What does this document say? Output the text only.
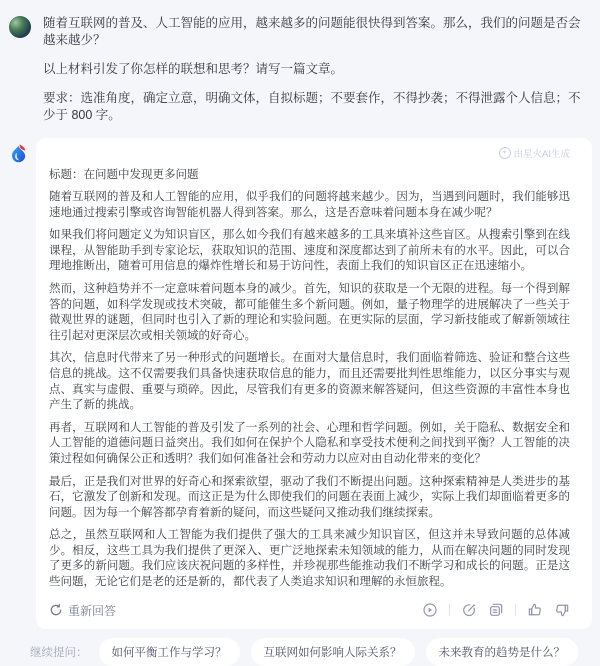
随着互联网的普及、人工智能的应用，越来越多的问题能很快得到答案。那么，我们的问题是否会越来越少？

以上材料引发了你怎样的联想和思考？请写一篇文章。

要求：选准角度，确定立意，明确文体，自拟标题；不要套作，不得抄袭；不得泄露个人信息；不少于 800 字。

✦ 由星火AI生成
标题：在问题中发现更多问题

随着互联网的普及和人工智能的应用，似乎我们的问题将越来越少。因为，当遇到问题时，我们能够迅速地通过搜索引擎或咨询智能机器人得到答案。那么，这是否意味着问题本身在减少呢？

如果我们将问题定义为知识盲区，那么如今我们有越来越多的工具来填补这些盲区。从搜索引擎到在线课程，从智能助手到专家论坛，获取知识的范围、速度和深度都达到了前所未有的水平。因此，可以合理地推断出，随着可用信息的爆炸性增长和易于访问性，表面上我们的知识盲区正在迅速缩小。

然而，这种趋势并不一定意味着问题本身的减少。首先，知识的获取是一个无限的进程。每一个得到解答的问题，如科学发现或技术突破，都可能催生多个新问题。例如，量子物理学的进展解决了一些关于微观世界的谜题，但同时也引入了新的理论和实验问题。在更实际的层面，学习新技能或了解新领域往往引起对更深层次或相关领域的好奇心。

其次，信息时代带来了另一种形式的问题增长。在面对大量信息时，我们面临着筛选、验证和整合这些信息的挑战。这不仅需要我们具备快速获取信息的能力，而且还需要批判性思维能力，以区分事实与观点、真实与虚假、重要与琐碎。因此，尽管我们有更多的资源来解答疑问，但这些资源的丰富性本身也产生了新的挑战。

再者，互联网和人工智能的普及引发了一系列的社会、心理和哲学问题。例如，关于隐私、数据安全和人工智能的道德问题日益突出。我们如何在保护个人隐私和享受技术便利之间找到平衡？人工智能的决策过程如何确保公正和透明？我们如何准备社会和劳动力以应对由自动化带来的变化？

最后，正是我们对世界的好奇心和探索欲望，驱动了我们不断提出问题。这种探索精神是人类进步的基石，它激发了创新和发现。而这正是为什么即使我们的问题在表面上减少，实际上我们却面临着更多的问题。因为每一个解答都孕育着新的疑问，而这些疑问又推动我们继续探索。

总之，虽然互联网和人工智能为我们提供了强大的工具来减少知识盲区，但这并未导致问题的总体减少。相反，这些工具为我们提供了更深入、更广泛地探索未知领域的能力，从而在解决问题的同时发现了更多的新问题。我们应该庆祝问题的多样性，并珍视那些能推动我们不断学习和成长的问题。正是这些问题，无论它们是老的还是新的，都代表了人类追求知识和理解的永恒旅程。

重新回答
继续提问：	如何平衡工作与学习？	互联网如何影响人际关系？	未来教育的趋势是什么？
